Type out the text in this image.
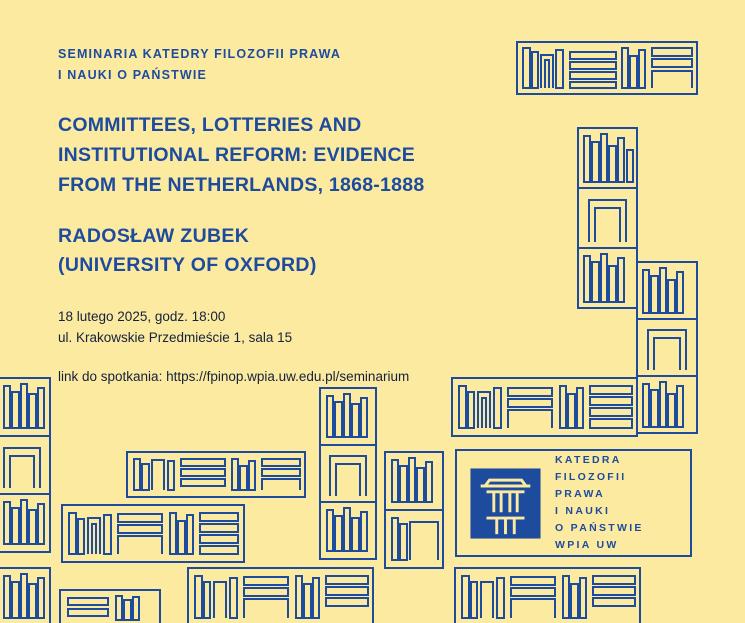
SEMINARIA KATEDRY FILOZOFII PRAWA
I NAUKI O PAŃSTWIE
COMMITTEES, LOTTERIES AND
INSTITUTIONAL REFORM: EVIDENCE
FROM THE NETHERLANDS, 1868-1888
RADOSŁAW ZUBEK
(UNIVERSITY OF OXFORD)
18 lutego 2025, godz. 18:00
ul. Krakowskie Przedmieście 1, sala 15
link do spotkania: https://fpinop.wpia.uw.edu.pl/seminarium
KATEDRA
FILOZOFII
PRAWA
I NAUKI
O PAŃSTWIE
WPIA UW
